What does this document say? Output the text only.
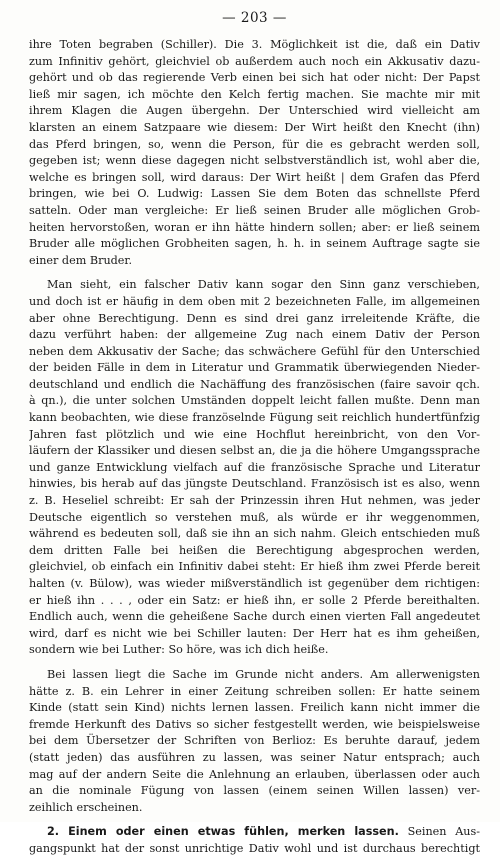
— 203 —
ihre Toten begraben (Schiller). Die 3. Möglichkeit ist die, daß ein Dativ
zum Infinitiv gehört, gleichviel ob außerdem auch noch ein Akkusativ dazu-
gehört und ob das regierende Verb einen bei sich hat oder nicht: Der Papst
ließ mir sagen, ich möchte den Kelch fertig machen. Sie machte mir mit
ihrem Klagen die Augen übergehn. Der Unterschied wird vielleicht am
klarsten an einem Satzpaare wie diesem: Der Wirt heißt den Knecht (ihn)
das Pferd bringen, so, wenn die Person, für die es gebracht werden soll,
gegeben ist; wenn diese dagegen nicht selbstverständlich ist, wohl aber die,
welche es bringen soll, wird daraus: Der Wirt heißt | dem Grafen das Pferd
bringen, wie bei O. Ludwig: Lassen Sie dem Boten das schnellste Pferd
satteln. Oder man vergleiche: Er ließ seinen Bruder alle möglichen Grob-
heiten hervorstoßen, woran er ihn hätte hindern sollen; aber: er ließ seinem
Bruder alle möglichen Grobheiten sagen, h. h. in seinem Auftrage sagte sie
einer dem Bruder.
Man sieht, ein falscher Dativ kann sogar den Sinn ganz verschieben,
und doch ist er häufig in dem oben mit 2 bezeichneten Falle, im allgemeinen
aber ohne Berechtigung. Denn es sind drei ganz irreleitende Kräfte, die
dazu verführt haben: der allgemeine Zug nach einem Dativ der Person
neben dem Akkusativ der Sache; das schwächere Gefühl für den Unterschied
der beiden Fälle in dem in Literatur und Grammatik überwiegenden Nieder-
deutschland und endlich die Nachäffung des französischen (faire savoir qch.
à qn.), die unter solchen Umständen doppelt leicht fallen mußte. Denn man
kann beobachten, wie diese französelnde Fügung seit reichlich hundertfünfzig
Jahren fast plötzlich und wie eine Hochflut hereinbricht, von den Vor-
läufern der Klassiker und diesen selbst an, die ja die höhere Umgangssprache
und ganze Entwicklung vielfach auf die französische Sprache und Literatur
hinwies, bis herab auf das jüngste Deutschland. Französisch ist es also, wenn
z. B. Heseliel schreibt: Er sah der Prinzessin ihren Hut nehmen, was jeder
Deutsche eigentlich so verstehen muß, als würde er ihr weggenommen,
während es bedeuten soll, daß sie ihn an sich nahm. Gleich entschieden muß
dem dritten Falle bei heißen die Berechtigung abgesprochen werden,
gleichviel, ob einfach ein Infinitiv dabei steht: Er hieß ihm zwei Pferde bereit
halten (v. Bülow), was wieder mißverständlich ist gegenüber dem richtigen:
er hieß ihn . . . , oder ein Satz: er hieß ihn, er solle 2 Pferde bereithalten.
Endlich auch, wenn die geheißene Sache durch einen vierten Fall angedeutet
wird, darf es nicht wie bei Schiller lauten: Der Herr hat es ihm geheißen,
sondern wie bei Luther: So höre, was ich dich heiße.
Bei lassen liegt die Sache im Grunde nicht anders. Am allerwenigsten
hätte z. B. ein Lehrer in einer Zeitung schreiben sollen: Er hatte seinem
Kinde (statt sein Kind) nichts lernen lassen. Freilich kann nicht immer die
fremde Herkunft des Dativs so sicher festgestellt werden, wie beispielsweise
bei dem Übersetzer der Schriften von Berlioz: Es beruhte darauf, jedem
(statt jeden) das ausführen zu lassen, was seiner Natur entsprach; auch
mag auf der andern Seite die Anlehnung an erlauben, überlassen oder auch
an die nominale Fügung von lassen (einem seinen Willen lassen) ver-
zeihlich erscheinen.
2. Einem oder einen etwas fühlen, merken lassen. Seinen Aus-
gangspunkt hat der sonst unrichtige Dativ wohl und ist durchaus berechtigt
